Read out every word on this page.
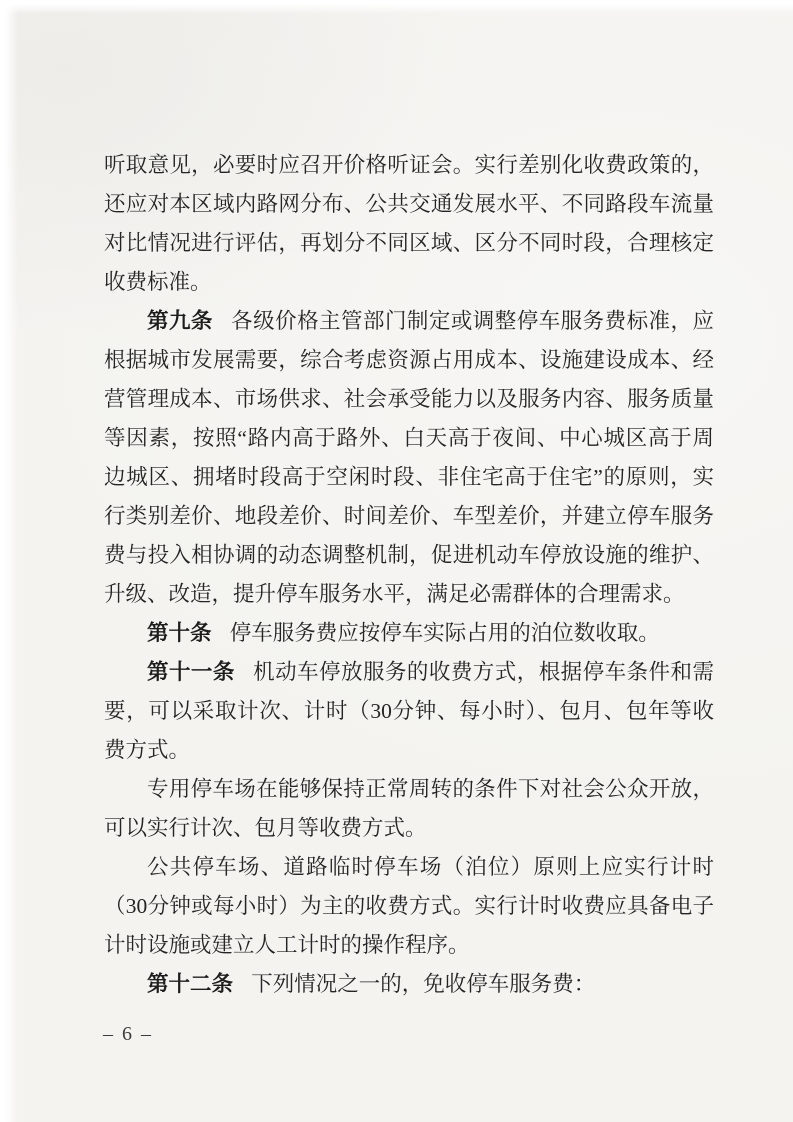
听取意见，必要时应召开价格听证会。实行差别化收费政策的，还应对本区域内路网分布、公共交通发展水平、不同路段车流量对比情况进行评估，再划分不同区域、区分不同时段，合理核定收费标准。

第九条 各级价格主管部门制定或调整停车服务费标准，应根据城市发展需要，综合考虑资源占用成本、设施建设成本、经营管理成本、市场供求、社会承受能力以及服务内容、服务质量等因素，按照“路内高于路外、白天高于夜间、中心城区高于周边城区、拥堵时段高于空闲时段、非住宅高于住宅”的原则，实行类别差价、地段差价、时间差价、车型差价，并建立停车服务费与投入相协调的动态调整机制，促进机动车停放设施的维护、升级、改造，提升停车服务水平，满足必需群体的合理需求。

第十条 停车服务费应按停车实际占用的泊位数收取。

第十一条 机动车停放服务的收费方式，根据停车条件和需要，可以采取计次、计时（30分钟、每小时）、包月、包年等收费方式。

专用停车场在能够保持正常周转的条件下对社会公众开放，可以实行计次、包月等收费方式。

公共停车场、道路临时停车场（泊位）原则上应实行计时（30分钟或每小时）为主的收费方式。实行计时收费应具备电子计时设施或建立人工计时的操作程序。

第十二条 下列情况之一的，免收停车服务费：

– 6 –
